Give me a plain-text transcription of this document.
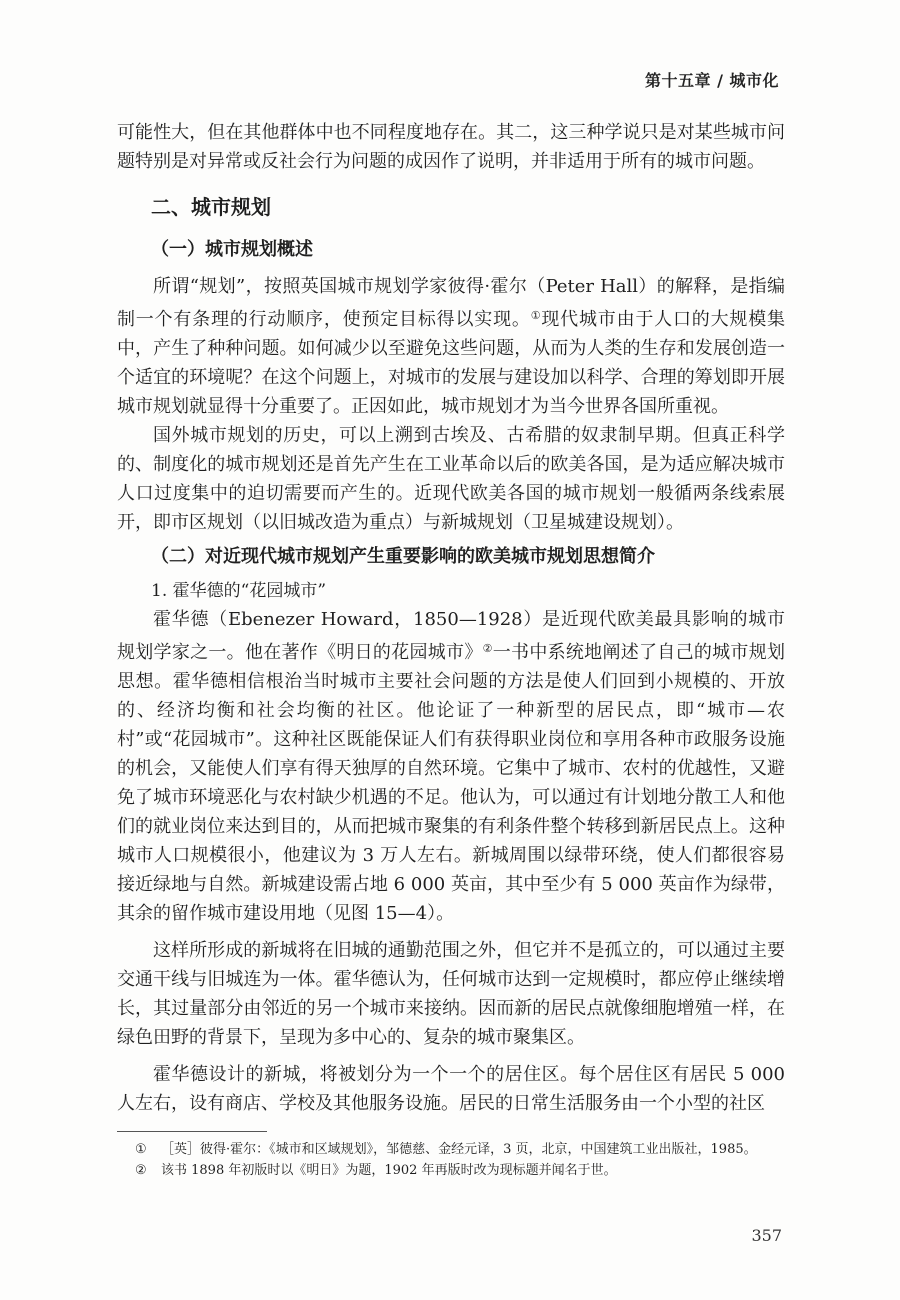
第十五章 / 城市化

可能性大，但在其他群体中也不同程度地存在。其二，这三种学说只是对某些城市问题特别是对异常或反社会行为问题的成因作了说明，并非适用于所有的城市问题。

二、城市规划
（一）城市规划概述

所谓“规划”，按照英国城市规划学家彼得·霍尔（Peter Hall）的解释，是指编制一个有条理的行动顺序，使预定目标得以实现。①现代城市由于人口的大规模集中，产生了种种问题。如何减少以至避免这些问题，从而为人类的生存和发展创造一个适宜的环境呢？在这个问题上，对城市的发展与建设加以科学、合理的筹划即开展城市规划就显得十分重要了。正因如此，城市规划才为当今世界各国所重视。

国外城市规划的历史，可以上溯到古埃及、古希腊的奴隶制早期。但真正科学的、制度化的城市规划还是首先产生在工业革命以后的欧美各国，是为适应解决城市人口过度集中的迫切需要而产生的。近现代欧美各国的城市规划一般循两条线索展开，即市区规划（以旧城改造为重点）与新城规划（卫星城建设规划）。

（二）对近现代城市规划产生重要影响的欧美城市规划思想简介
1. 霍华德的“花园城市”

霍华德（Ebenezer Howard，1850—1928）是近现代欧美最具影响的城市规划学家之一。他在著作《明日的花园城市》②一书中系统地阐述了自己的城市规划思想。霍华德相信根治当时城市主要社会问题的方法是使人们回到小规模的、开放的、经济均衡和社会均衡的社区。他论证了一种新型的居民点，即“城市—农村”或“花园城市”。这种社区既能保证人们有获得职业岗位和享用各种市政服务设施的机会，又能使人们享有得天独厚的自然环境。它集中了城市、农村的优越性，又避免了城市环境恶化与农村缺少机遇的不足。他认为，可以通过有计划地分散工人和他们的就业岗位来达到目的，从而把城市聚集的有利条件整个转移到新居民点上。这种城市人口规模很小，他建议为 3 万人左右。新城周围以绿带环绕，使人们都很容易接近绿地与自然。新城建设需占地 6 000 英亩，其中至少有 5 000 英亩作为绿带，其余的留作城市建设用地（见图 15—4）。

这样所形成的新城将在旧城的通勤范围之外，但它并不是孤立的，可以通过主要交通干线与旧城连为一体。霍华德认为，任何城市达到一定规模时，都应停止继续增长，其过量部分由邻近的另一个城市来接纳。因而新的居民点就像细胞增殖一样，在绿色田野的背景下，呈现为多中心的、复杂的城市聚集区。

霍华德设计的新城，将被划分为一个一个的居住区。每个居住区有居民 5 000 人左右，设有商店、学校及其他服务设施。居民的日常生活服务由一个小型的社区

① ［英］彼得·霍尔：《城市和区域规划》，邹德慈、金经元译，3 页，北京，中国建筑工业出版社，1985。
② 该书 1898 年初版时以《明日》为题，1902 年再版时改为现标题并闻名于世。
357
